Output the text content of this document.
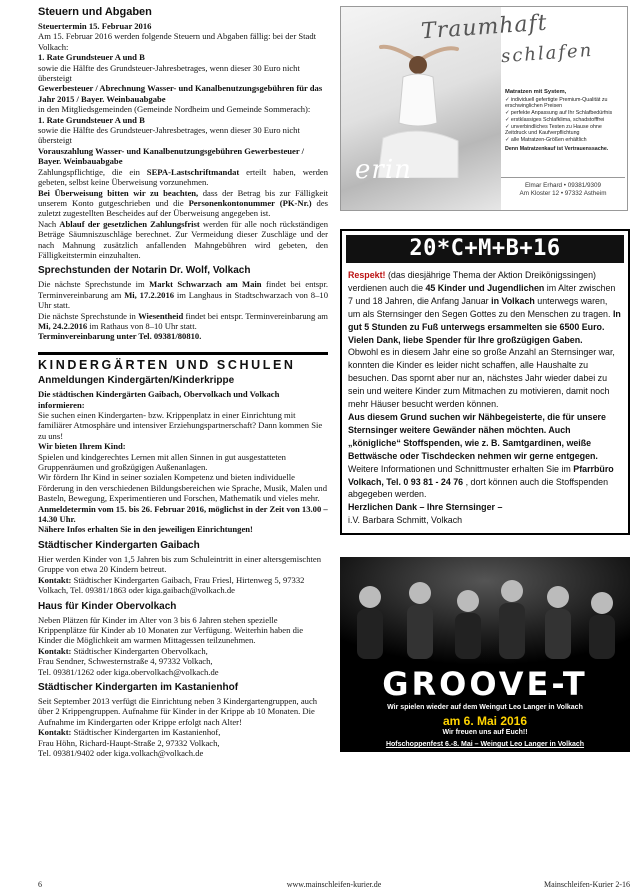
Steuern und Abgaben

Steuertermin 15. Februar 2016

Am 15. Februar 2016 werden folgende Steuern und Abgaben fällig: bei der Stadt Volkach:

1. Rate Grundsteuer A und B

sowie die Hälfte des Grundsteuer-Jahresbetrages, wenn dieser 30 Euro nicht übersteigt

Gewerbesteuer / Abrechnung Wasser- und Kanalbenutzungsgebühren für das Jahr 2015 / Bayer. Weinbauabgabe

in den Mitgliedsgemeinden (Gemeinde Nordheim und Gemeinde Sommerach):

1. Rate Grundsteuer A und B

sowie die Hälfte des Grundsteuer-Jahresbetrages, wenn dieser 30 Euro nicht übersteigt

Vorauszahlung Wasser- und Kanalbenutzungsgebühren Gewerbesteuer / Bayer. Weinbauabgabe

Zahlungspflichtige, die ein SEPA-Lastschriftmandat erteilt haben, werden gebeten, selbst keine Überweisung vorzunehmen.

Bei Überweisung bitten wir zu beachten, dass der Betrag bis zur Fälligkeit unserem Konto gutgeschrieben und die Personenkontonummer (PK-Nr.) des zuletzt zugestellten Bescheides auf der Überweisung angegeben ist.

Nach Ablauf der gesetzlichen Zahlungsfrist werden für alle noch rückständigen Beträge Säumniszuschläge berechnet. Zur Vermeidung dieser Zuschläge und der nach Mahnung zusätzlich anfallenden Mahngebühren wird gebeten, den Fälligkeitstermin einzuhalten.

Sprechstunden der Notarin Dr. Wolf, Volkach

Die nächste Sprechstunde im Markt Schwarzach am Main findet bei entspr. Terminvereinbarung am Mi, 17.2.2016 im Langhaus in Stadtschwarzach von 8–10 Uhr statt.

Die nächste Sprechstunde in Wiesentheid findet bei entspr. Terminvereinbarung am Mi, 24.2.2016 im Rathaus von 8–10 Uhr statt.

Terminvereinbarung unter Tel. 09381/80810.

KINDERGÄRTEN UND SCHULEN
Anmeldungen Kindergärten/Kinderkrippe

Die städtischen Kindergärten Gaibach, Obervolkach und Volkach informieren:

Sie suchen einen Kindergarten- bzw. Krippenplatz in einer Einrichtung mit familiärer Atmosphäre und intensiver Erziehungspartnerschaft? Dann kommen Sie zu uns!

Wir bieten Ihrem Kind:

Spielen und kindgerechtes Lernen mit allen Sinnen in gut ausgestatteten Gruppenräumen und großzügigen Außenanlagen.

Wir fördern Ihr Kind in seiner sozialen Kompetenz und bieten individuelle Förderung in den verschiedenen Bildungsbereichen wie Sprache, Musik, Malen und Basteln, Bewegung, Experimentieren und Forschen, Mathematik und vieles mehr.

Anmeldetermin vom 15. bis 26. Februar 2016, möglichst in der Zeit von 13.00 – 14.30 Uhr.

Nähere Infos erhalten Sie in den jeweiligen Einrichtungen!

Städtischer Kindergarten Gaibach

Hier werden Kinder von 1,5 Jahren bis zum Schuleintritt in einer altersgemischten Gruppe von etwa 20 Kindern betreut.

Kontakt: Städtischer Kindergarten Gaibach, Frau Friesl, Hirtenweg 5, 97332 Volkach, Tel. 09381/1863 oder kiga.gaibach@volkach.de

Haus für Kinder Obervolkach

Neben Plätzen für Kinder im Alter von 3 bis 6 Jahren stehen spezielle Krippenplätze für Kinder ab 10 Monaten zur Verfügung. Weiterhin haben die Kinder die Möglichkeit am warmen Mittagessen teilzunehmen.

Kontakt: Städtischer Kindergarten Obervolkach,

Frau Sendner, Schwesternstraße 4, 97332 Volkach,

Tel. 09381/1262 oder kiga.obervolkach@volkach.de

Städtischer Kindergarten im Kastanienhof

Seit September 2013 verfügt die Einrichtung neben 3 Kindergartengruppen, auch über 2 Krippengruppen. Aufnahme für Kinder in der Krippe ab 10 Monaten. Die Aufnahme im Kindergarten oder Krippe erfolgt nach Alter!

Kontakt: Städtischer Kindergarten im Kastanienhof,

Frau Höhn, Richard-Haupt-Straße 2, 97332 Volkach,

Tel. 09381/9402 oder kiga.volkach@volkach.de

Traumhaft
schlafen
erin
Matratzen mit System,
✓ individuell gefertigte Premium-Qualität zu erschwinglichen Preisen
✓ perfekte Anpassung auf Ihr Schlafbedürfnis
✓ erstklassiges Schlafklima, schadstofffrei
✓ unverbindliches Testen zu Hause ohne Zeitdruck und Kaufverpflichtung
✓ alle Matratzen-Größen erhältlich
Denn Matratzenkauf ist Vertrauenssache.
Elmar Erhard • 09381/9309
Am Kloster 12 • 97332 Astheim
20*C+M+B+16

Respekt! (das diesjährige Thema der Aktion Dreikönigssingen) verdienen auch die 45 Kinder und Jugendlichen im Alter zwischen 7 und 18 Jahren, die Anfang Januar in Volkach unterwegs waren, um als Sternsinger den Segen Gottes zu den Menschen zu tragen. In gut 5 Stunden zu Fuß unterwegs ersammelten sie 6500 Euro. Vielen Dank, liebe Spender für Ihre großzügigen Gaben.

Obwohl es in diesem Jahr eine so große Anzahl an Sternsinger war, konnten die Kinder es leider nicht schaffen, alle Haushalte zu besuchen. Das spornt aber nur an, nächstes Jahr wieder dabei zu sein und weitere Kinder zum Mitmachen zu motivieren, damit noch mehr Häuser besucht werden können.

Aus diesem Grund suchen wir Nähbegeisterte, die für unsere Sternsinger weitere Gewänder nähen möchten. Auch „königliche“ Stoffspenden, wie z. B. Samtgardinen, weiße Bettwäsche oder Tischdecken nehmen wir gerne entgegen.

Weitere Informationen und Schnittmuster erhalten Sie im Pfarrbüro Volkach, Tel. 0 93 81 - 24 76 , dort können auch die Stoffspenden abgegeben werden.

Herzlichen Dank – Ihre Sternsinger –

i.V. Barbara Schmitt, Volkach

GROOVE-T
Wir spielen wieder auf dem Weingut Leo Langer in Volkach
am 6. Mai 2016
Wir freuen uns auf Euch!!
Hofschoppenfest 6.-8. Mai – Weingut Leo Langer in Volkach
6	www.mainschleifen-kurier.de	Mainschleifen-Kurier 2-16
